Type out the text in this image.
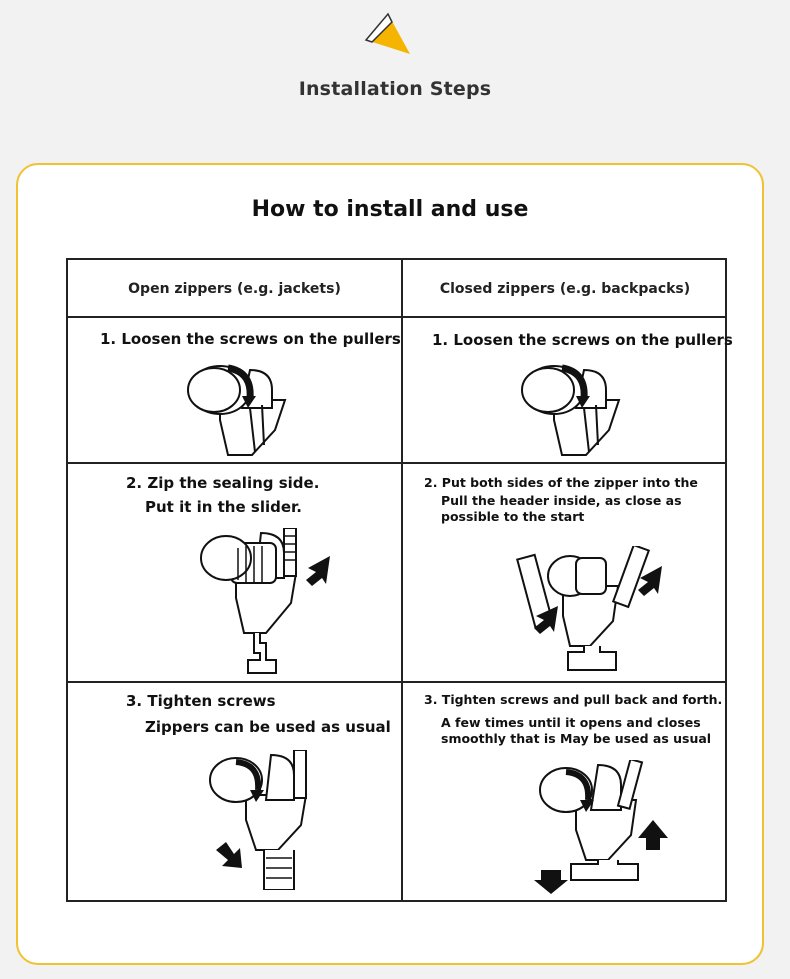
Installation Steps
How to install and use
Open zippers (e.g. jackets)	Closed zippers (e.g. backpacks)
1. Loosen the screws on the pullers 1. Loosen the screws on the pullers
2. Zip the sealing side.
Put it in the slider.
2. Put both sides of the zipper into the
Pull the header inside, as close as
possible to the start
3. Tighten screws
Zippers can be used as usual
3. Tighten screws and pull back and forth.
A few times until it opens and closes
smoothly that is May be used as usual
